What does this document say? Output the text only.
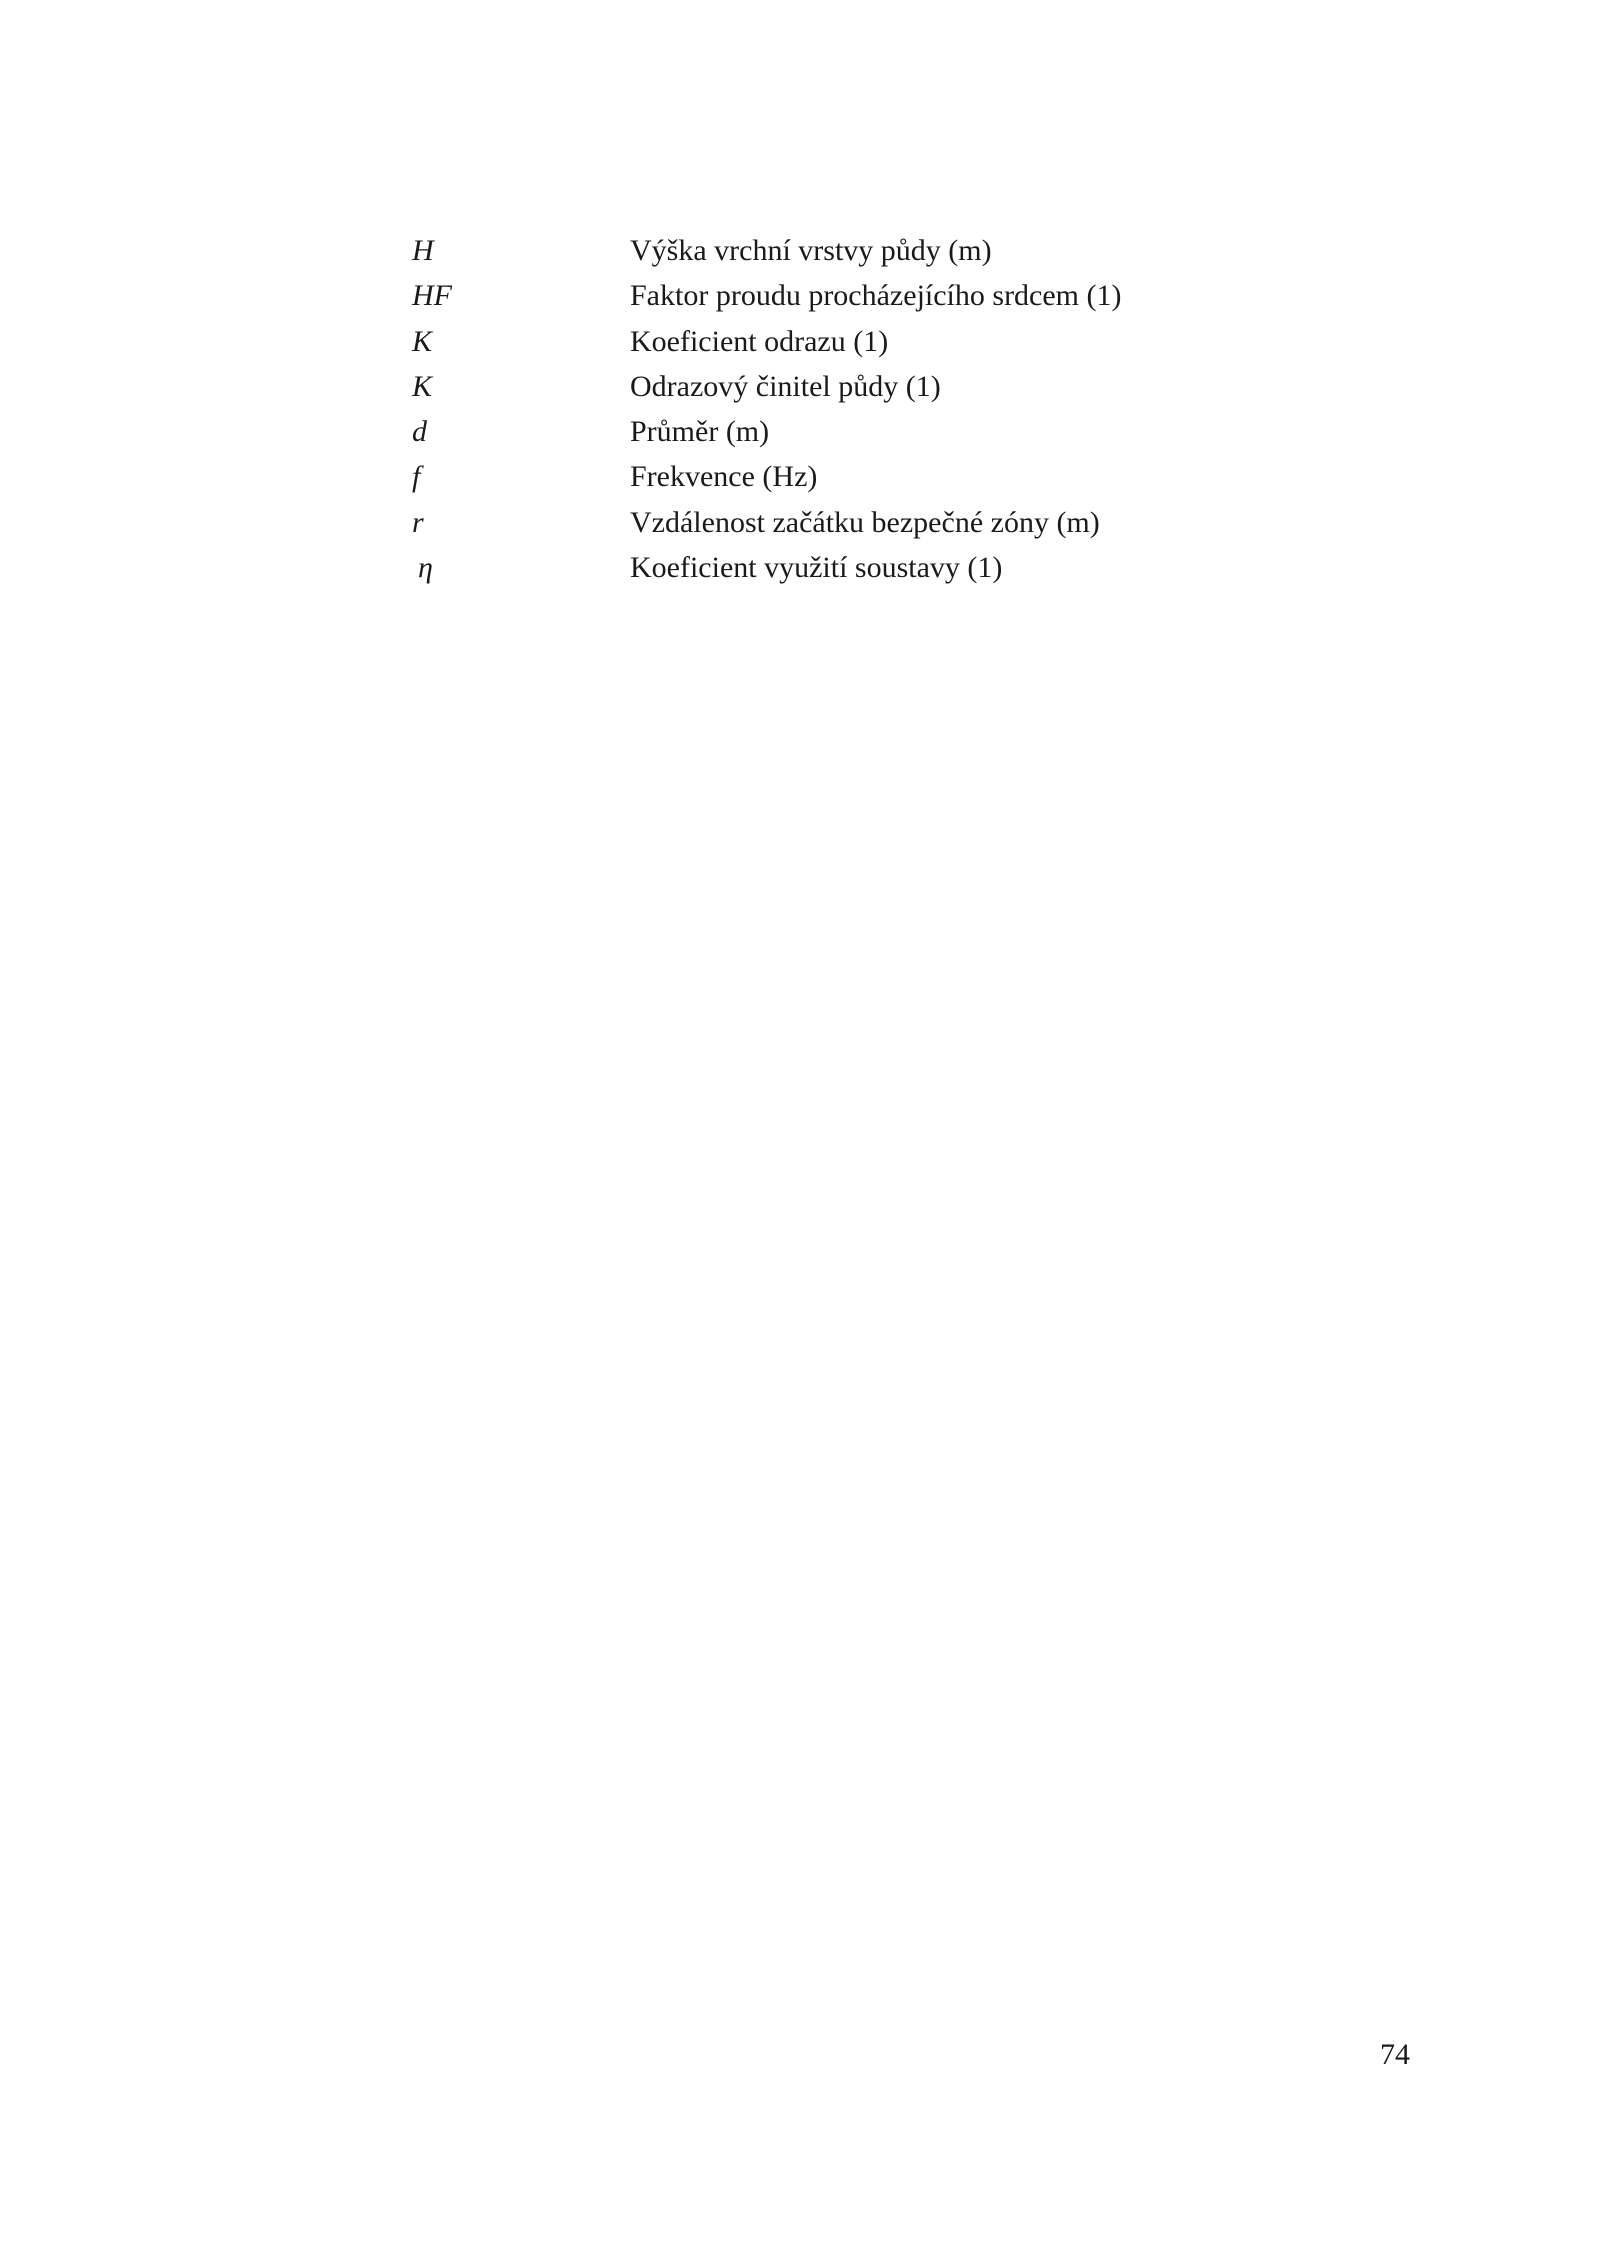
H	Výška vrchní vrstvy půdy (m)
HF	Faktor proudu procházejícího srdcem (1)
K	Koeficient odrazu (1)
K	Odrazový činitel půdy (1)
d	Průměr (m)
f	Frekvence (Hz)
r	Vzdálenost začátku bezpečné zóny (m)
η	Koeficient využití soustavy (1)
74
